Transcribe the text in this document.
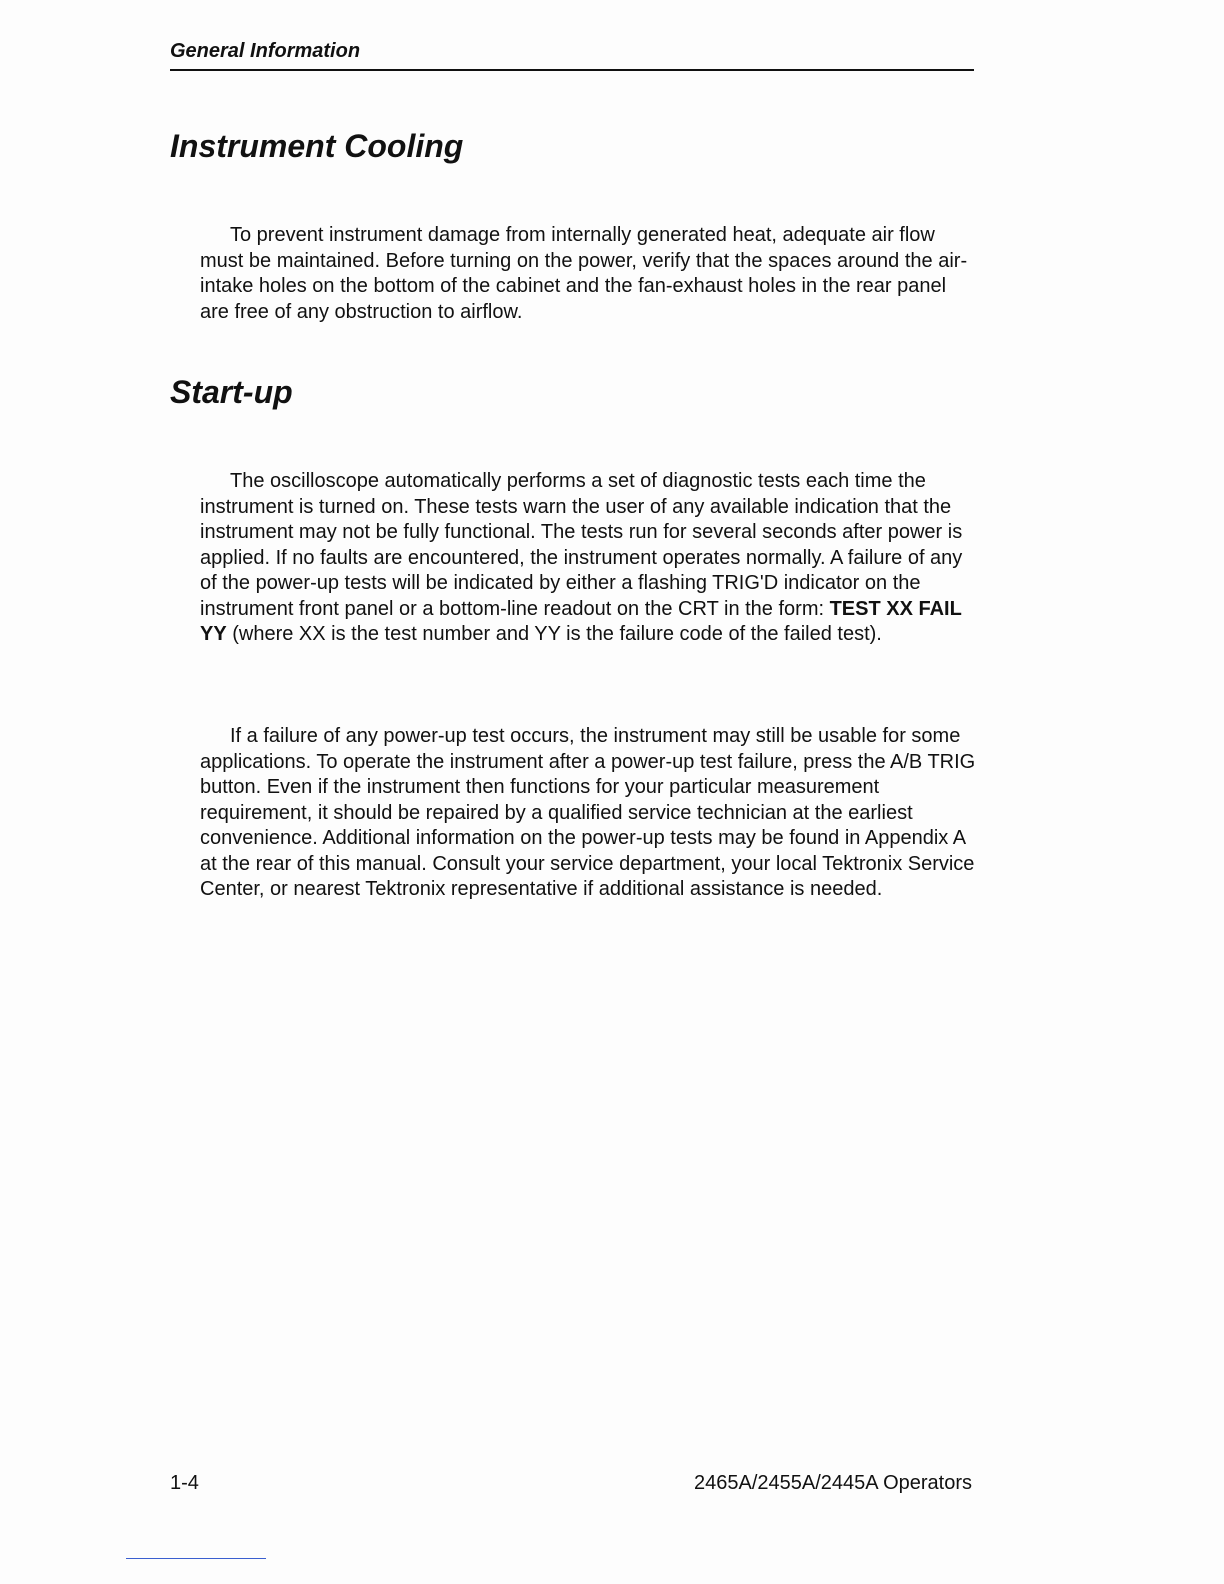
General Information
Instrument Cooling

To prevent instrument damage from internally generated heat, adequate air flow must be maintained. Before turning on the power, verify that the spaces around the air-intake holes on the bottom of the cabinet and the fan-exhaust holes in the rear panel are free of any obstruction to airflow.

Start-up

The oscilloscope automatically performs a set of diagnostic tests each time the instrument is turned on. These tests warn the user of any available indication that the instrument may not be fully functional. The tests run for several seconds after power is applied. If no faults are encountered, the instrument operates normally. A failure of any of the power-up tests will be indicated by either a flashing TRIG'D indicator on the instrument front panel or a bottom-line readout on the CRT in the form: TEST XX FAIL YY (where XX is the test number and YY is the failure code of the failed test).

If a failure of any power-up test occurs, the instrument may still be usable for some applications. To operate the instrument after a power-up test failure, press the A/B TRIG button. Even if the instrument then functions for your particular measurement requirement, it should be repaired by a qualified service technician at the earliest convenience. Additional information on the power-up tests may be found in Appendix A at the rear of this manual. Consult your service department, your local Tektronix Service Center, or nearest Tektronix representative if additional assistance is needed.

1-4	2465A/2455A/2445A Operators
